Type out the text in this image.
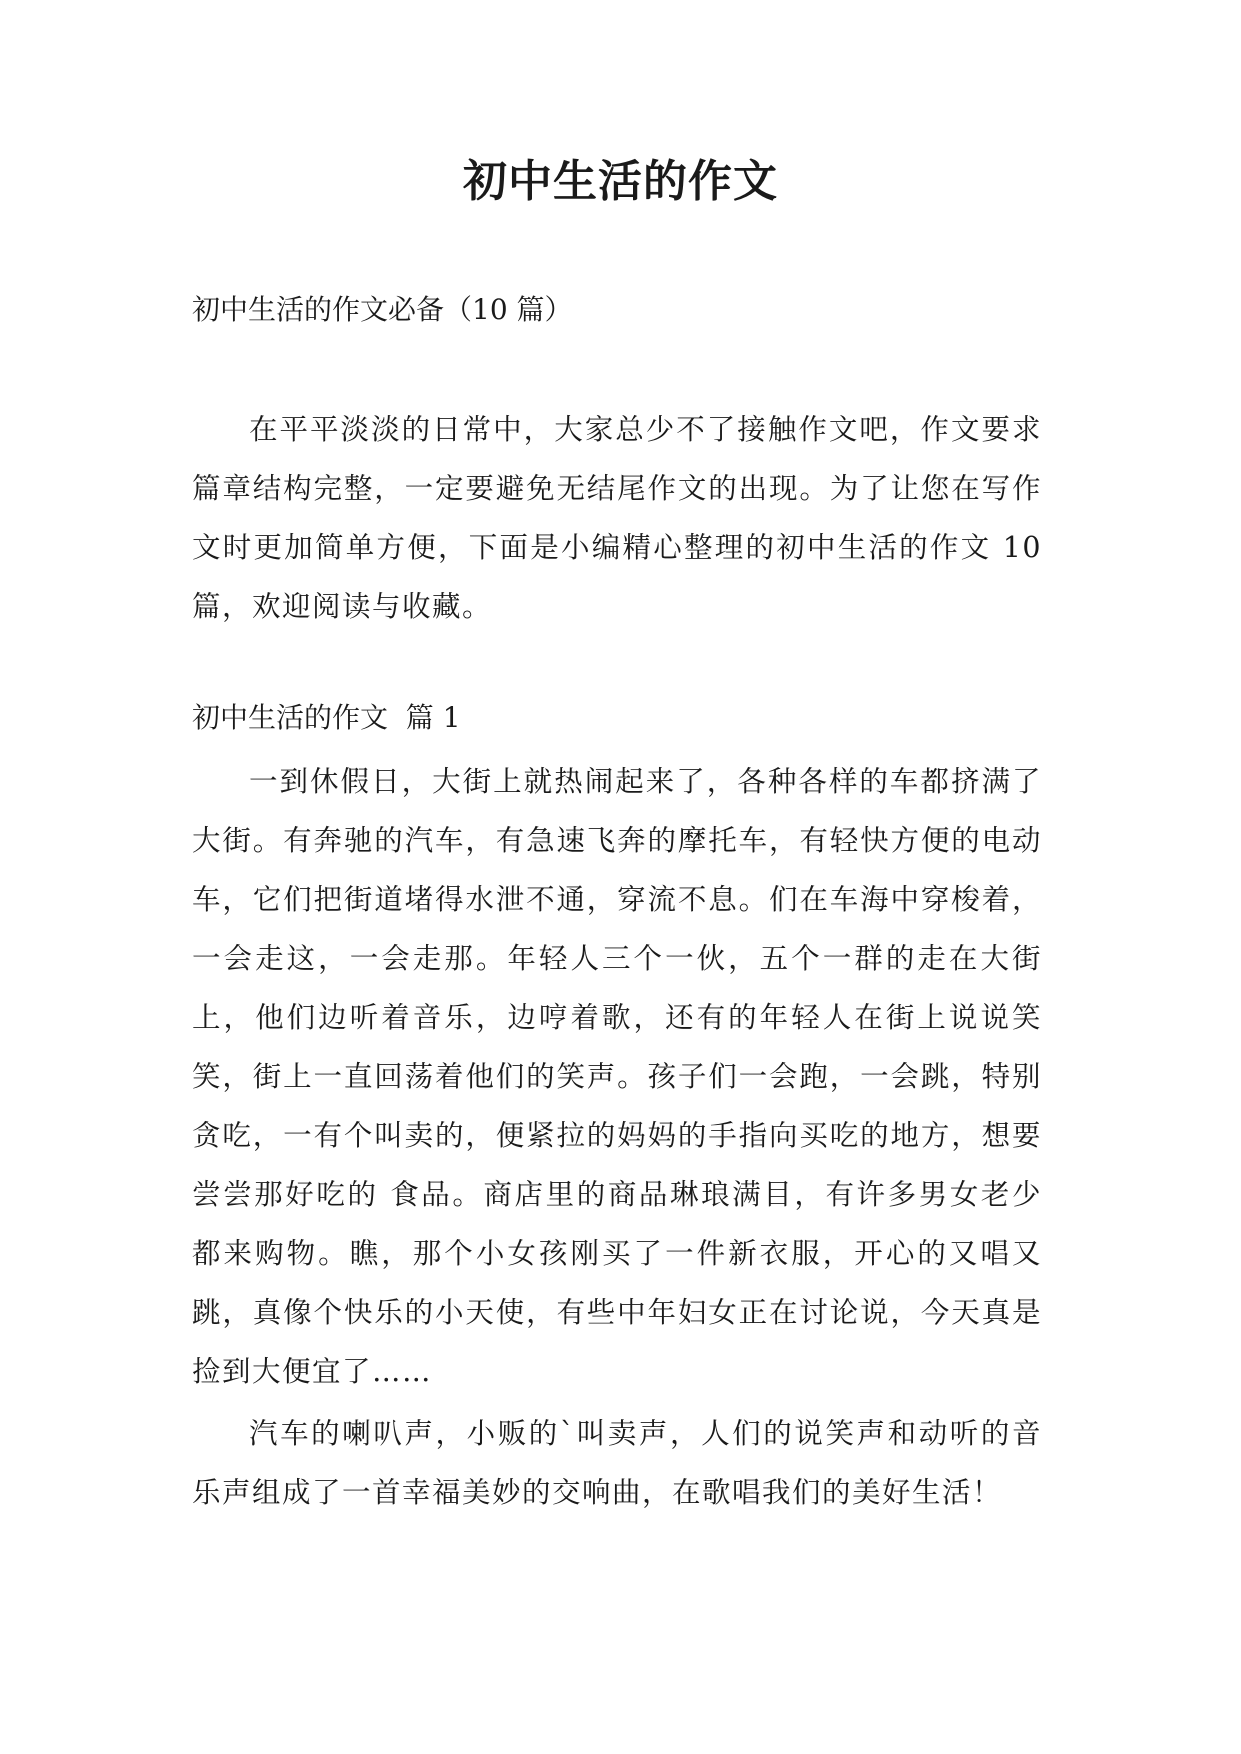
初中生活的作文

初中生活的作文必备（10 篇）

在平平淡淡的日常中，大家总少不了接触作文吧，作文要求篇章结构完整，一定要避免无结尾作文的出现。为了让您在写作文时更加简单方便，下面是小编精心整理的初中生活的作文 10 篇，欢迎阅读与收藏。

初中生活的作文  篇 1

一到休假日，大街上就热闹起来了，各种各样的车都挤满了大街。有奔驰的汽车，有急速飞奔的摩托车，有轻快方便的电动车，它们把街道堵得水泄不通，穿流不息。们在车海中穿梭着，一会走这，一会走那。年轻人三个一伙，五个一群的走在大街上，他们边听着音乐，边哼着歌，还有的年轻人在街上说说笑笑，街上一直回荡着他们的笑声。孩子们一会跑，一会跳，特别贪吃，一有个叫卖的，便紧拉的妈妈的手指向买吃的地方，想要尝尝那好吃的 食品。商店里的商品琳琅满目，有许多男女老少都来购物。瞧，那个小女孩刚买了一件新衣服，开心的又唱又跳，真像个快乐的小天使，有些中年妇女正在讨论说，今天真是捡到大便宜了……

汽车的喇叭声，小贩的`叫卖声，人们的说笑声和动听的音乐声组成了一首幸福美妙的交响曲，在歌唱我们的美好生活！
